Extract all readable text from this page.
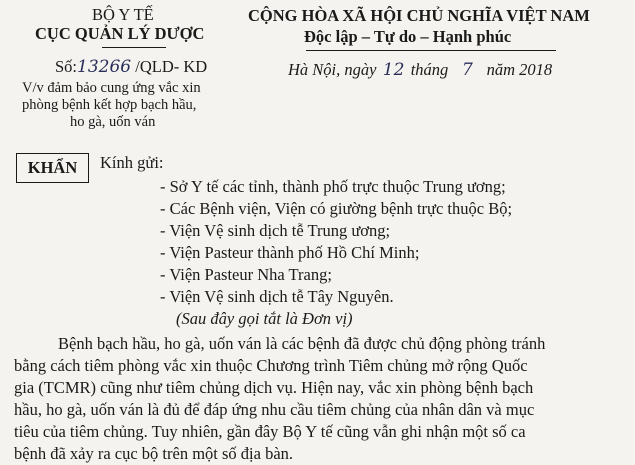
BỘ Y TẾ
CỤC QUẢN LÝ DƯỢC
Số:13266 /QLD- KD
V/v đảm bảo cung ứng vắc xin
phòng bệnh kết hợp bạch hầu,
ho gà, uốn ván
CỘNG HÒA XÃ HỘI CHỦ NGHĨA VIỆT NAM
Độc lập – Tự do – Hạnh phúc
Hà Nội, ngày 12 tháng 7 năm 2018
KHẨN	Kính gửi:
- Sở Y tế các tỉnh, thành phố trực thuộc Trung ương;
- Các Bệnh viện, Viện có giường bệnh trực thuộc Bộ;
- Viện Vệ sinh dịch tễ Trung ương;
- Viện Pasteur thành phố Hồ Chí Minh;
- Viện Pasteur Nha Trang;
- Viện Vệ sinh dịch tễ Tây Nguyên.
(Sau đây gọi tắt là Đơn vị)
Bệnh bạch hầu, ho gà, uốn ván là các bệnh đã được chủ động phòng tránh
bằng cách tiêm phòng vắc xin thuộc Chương trình Tiêm chủng mở rộng Quốc
gia (TCMR) cũng như tiêm chủng dịch vụ. Hiện nay, vắc xin phòng bệnh bạch
hầu, ho gà, uốn ván là đủ để đáp ứng nhu cầu tiêm chủng của nhân dân và mục
tiêu của tiêm chủng. Tuy nhiên, gần đây Bộ Y tế cũng vẫn ghi nhận một số ca
bệnh đã xảy ra cục bộ trên một số địa bàn.
